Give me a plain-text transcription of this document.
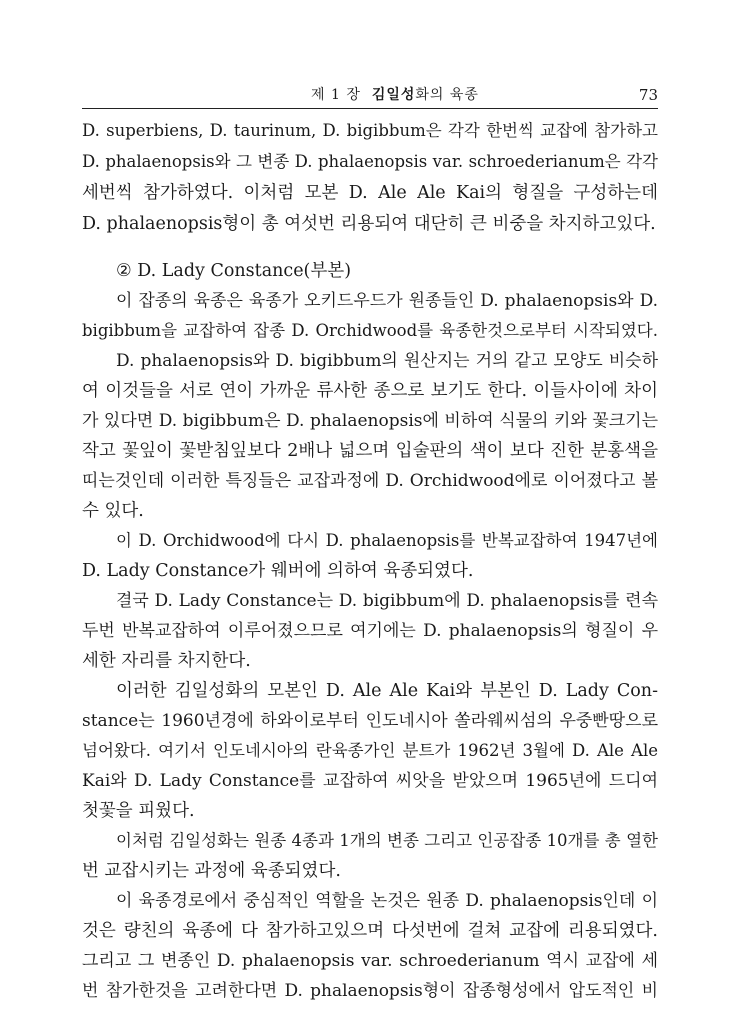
제 1 장 김일성화의 육종	73
D. superbiens, D. taurinum, D. bigibbum은 각각 한번씩 교잡에 참가하고
D. phalaenopsis와 그 변종 D. phalaenopsis var. schroederianum은 각각
세번씩 참가하였다. 이처럼 모본 D. Ale Ale Kai의 형질을 구성하는데
D. phalaenopsis형이 총 여섯번 리용되여 대단히 큰 비중을 차지하고있다.
② D. Lady Constance(부본)
이 잡종의 육종은 육종가 오키드우드가 원종들인 D. phalaenopsis와 D.
bigibbum을 교잡하여 잡종 D. Orchidwood를 육종한것으로부터 시작되였다.
D. phalaenopsis와 D. bigibbum의 원산지는 거의 같고 모양도 비슷하
여 이것들을 서로 연이 가까운 류사한 종으로 보기도 한다. 이들사이에 차이
가 있다면 D. bigibbum은 D. phalaenopsis에 비하여 식물의 키와 꽃크기는
작고 꽃잎이 꽃받침잎보다 2배나 넓으며 입술판의 색이 보다 진한 분홍색을
띠는것인데 이러한 특징들은 교잡과정에 D. Orchidwood에로 이어졌다고 볼
수 있다.
이 D. Orchidwood에 다시 D. phalaenopsis를 반복교잡하여 1947년에
D. Lady Constance가 웨버에 의하여 육종되였다.
결국 D. Lady Constance는 D. bigibbum에 D. phalaenopsis를 련속
두번 반복교잡하여 이루어졌으므로 여기에는 D. phalaenopsis의 형질이 우
세한 자리를 차지한다.
이러한 김일성화의 모본인 D. Ale Ale Kai와 부본인 D. Lady Con-
stance는 1960년경에 하와이로부터 인도네시아 쏠라웨씨섬의 우중빤땅으로
넘어왔다. 여기서 인도네시아의 란육종가인 분트가 1962년 3월에 D. Ale Ale
Kai와 D. Lady Constance를 교잡하여 씨앗을 받았으며 1965년에 드디여
첫꽃을 피웠다.
이처럼 김일성화는 원종 4종과 1개의 변종 그리고 인공잡종 10개를 총 열한
번 교잡시키는 과정에 육종되였다.
이 육종경로에서 중심적인 역할을 논것은 원종 D. phalaenopsis인데 이
것은 량친의 육종에 다 참가하고있으며 다섯번에 걸쳐 교잡에 리용되였다.
그리고 그 변종인 D. phalaenopsis var. schroederianum 역시 교잡에 세
번 참가한것을 고려한다면 D. phalaenopsis형이 잡종형성에서 압도적인 비
